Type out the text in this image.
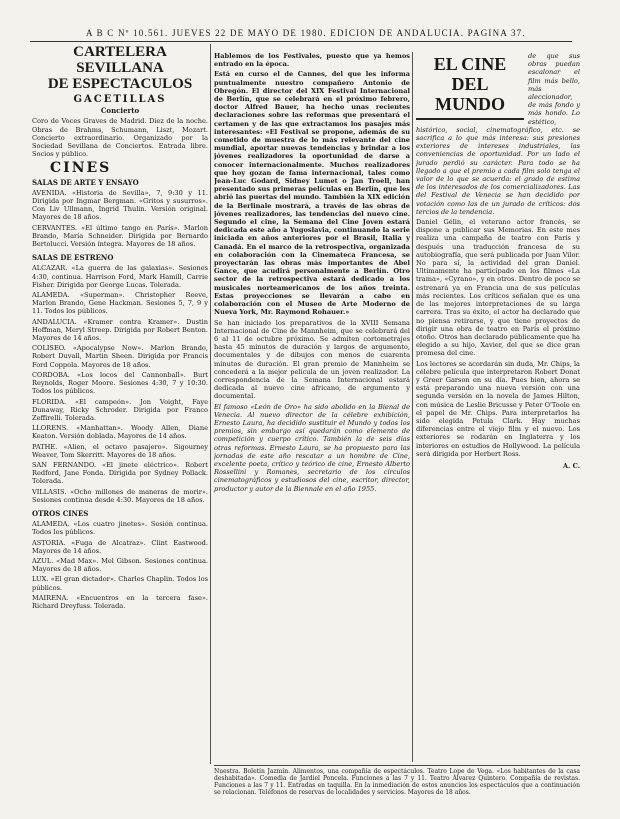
A B C Nº 10.561. JUEVES 22 DE MAYO DE 1980. EDICION DE ANDALUCIA. PAGINA 37.

CARTELERA SEVILLANA

DE ESPECTACULOS

GACETILLAS

Concierto

Coro de Voces Graves de Madrid. Diez de la noche. Obras de Brahms, Schumann, Liszt, Mozart. Concierto extraordinario. Organizado por la Sociedad Sevillana de Conciertos. Entrada libre. Socios y público.

CINES

SALAS DE ARTE Y ENSAYO

AVENIDA. «Historia de Sevilla», 7, 9:30 y 11. Dirigida por Ingmar Bergman. «Gritos y susurros». Con Liv Ullmann, Ingrid Thulin. Versión original. Mayores de 18 años.

CERVANTES. «El último tango en París». Marlon Brando, María Schneider. Dirigida por Bernardo Bertolucci. Versión íntegra. Mayores de 18 años.

SALAS DE ESTRENO

ALCAZAR. «La guerra de las galaxias». Sesiones 4:30, continua. Harrison Ford, Mark Hamill, Carrie Fisher. Dirigida por George Lucas. Tolerada.

ALAMEDA. «Superman». Christopher Reeve, Marlon Brando, Gene Hackman. Sesiones 5, 7, 9 y 11. Todos los públicos.

ANDALUCIA. «Kramer contra Kramer». Dustin Hoffman, Meryl Streep. Dirigida por Robert Benton. Mayores de 14 años.

COLISEO. «Apocalypse Now». Marlon Brando, Robert Duvall, Martin Sheen. Dirigida por Francis Ford Coppola. Mayores de 18 años.

CORDOBA. «Los locos del Cannonball». Burt Reynolds, Roger Moore. Sesiones 4:30, 7 y 10:30. Todos los públicos.

FLORIDA. «El campeón». Jon Voight, Faye Dunaway, Ricky Schroder. Dirigida por Franco Zeffirelli. Tolerada.

LLORENS. «Manhattan». Woody Allen, Diane Keaton. Versión doblada. Mayores de 14 años.

PATHE. «Alien, el octavo pasajero». Sigourney Weaver, Tom Skerritt. Mayores de 18 años.

SAN FERNANDO. «El jinete eléctrico». Robert Redford, Jane Fonda. Dirigida por Sydney Pollack. Tolerada.

VILLASIS. «Ocho millones de maneras de morir». Sesiones continua desde 4:30. Mayores de 18 años.

OTROS CINES

ALAMEDA. «Los cuatro jinetes». Sesión continua. Todos los públicos.

ASTORIA. «Fuga de Alcatraz». Clint Eastwood. Mayores de 14 años.

AZUL. «Mad Max». Mel Gibson. Sesiones continua. Mayores de 18 años.

LUX. «El gran dictador». Charles Chaplin. Todos los públicos.

MAIRENA. «Encuentros en la tercera fase». Richard Dreyfuss. Tolerada.

Hablemos de los Festivales, puesto que ya hemos entrado en la época.

Está en curso el de Cannes, del que les informa puntualmente nuestro compañero Antonio de Obregón. El director del XIX Festival Internacional de Berlín, que se celebrará en el próximo febrero, doctor Alfred Bauer, ha hecho unas recientes declaraciones sobre las reformas que presentará el certamen y de las que extractamos los pasajes más interesantes: «El Festival se propone, además de su cometido de muestra de lo más relevante del cine mundial, aportar nuevas tendencias y brindar a los jóvenes realizadores la oportunidad de darse a conocer internacionalmente. Muchos realizadores que hoy gozan de fama internacional, tales como Jean-Luc Godard, Sidney Lumet o Jan Troell, han presentado sus primeras películas en Berlín, que les abrió las puertas del mundo. También la XIX edición de la Berlinale mostrará, a través de las obras de jóvenes realizadores, las tendencias del nuevo cine. Segundo el cine, la Semana del Cine Joven estará dedicada este año a Yugoslavia, continuando la serie iniciada en años anteriores por el Brasil, Italia y Canadá. En el marco de la retrospectiva, organizada en colaboración con la Cinemateca Francesa, se proyectarán las obras más importantes de Abel Gance, que acudirá personalmente a Berlín. Otro sector de la retrospectiva estará dedicado a los musicales norteamericanos de los años treinta. Estas proyecciones se llevarán a cabo en colaboración con el Museo de Arte Moderno de Nueva York, Mr. Raymond Rohauer.»

Se han iniciado los preparativos de la XVIII Semana Internacional de Cine de Mannheim, que se celebrará del 6 al 11 de octubre próximo. Se admiten cortometrajes hasta 45 minutos de duración y largos de argumento, documentales y de dibujos con menos de cuarenta minutos de duración. El gran premio de Mannheim se concederá a la mejor película de un joven realizador. La correspondencia de la Semana Internacional estará dedicada al nuevo cine africano, de argumento y documental.

El famoso «León de Oro» ha sido abolido en la Bienal de Venecia. Al nuevo director de la célebre exhibición, Ernesto Laura, ha decidido sustituir el Mundo y todos los premios, sin embargo así quedarán como elemento de competición y cuerpo crítico. También la de seis días otras reformas. Ernesto Laura, se ha propuesto para las jornadas de este año rescatar a un hombre de Cine, excelente poeta, crítico y teórico de cine, Ernesto Alberto Rossellini y Romanes, secretario de los círculos cinematográficos y estudiosos del cine, escritor, director, productor y autor de la Biennale en el año 1955.

EL CINE
DEL MUNDO

de que sus obras puedan escalonar el film más bello, más aleccionador, de más fondo y más hondo. Lo estético, histórico, social, cinematográfico, etc. se sacrifica a lo que más interesa: sus presiones exteriores de intereses industriales, las conveniencias de oportunidad. Por un lado el jurado perdió su carácter. Para todo se ha llegado a que el premio a cada film solo tenga el valor de lo que se acuerda: el grado de estima de los interesados de los comercializadores. Las del Festival de Venecia se han decidido por votación como las de un jurado de críticos: dos tercios de la tendencia.

Daniel Gélin, el veterano actor francés, se dispone a publicar sus Memorias. En este mes realiza una campaña de teatro con Paris y después una traducción francesa de su autobiografía, que será publicada por Juan Vilor. No para sí, la actividad del gran Daniel. Ultimamente ha participado en los filmes «La trama», «Cyrano», y en otros. Dentro de poco se estrenará ya en Francia una de sus películas más recientes. Los críticos señalan que es una de las mejores interpretaciones de su larga carrera. Tras su éxito, el actor ha declarado que no piensa retirarse, y que tiene proyectos de dirigir una obra de teatro en París el próximo otoño. Otros han declarado públicamente que ha elegido a su hijo, Xavier, del que se dice gran promesa del cine.

Los lectores se acordarán sin duda, Mr. Chips, la célebre película que interpretaron Robert Donat y Greer Garson en su día. Pues bien, ahora se está preparando una nueva versión con una segunda versión en la novela de James Hilton, con música de Leslie Bricusse y Peter O'Toole en el papel de Mr. Chips. Para interpretarlos ha sido elegida Petula Clark. Hay muchas diferencias entre el viejo film y el nuevo. Los exteriores se rodarán en Inglaterra y los interiores en estudios de Hollywood. La película será dirigida por Herbert Ross.

A. C.

Nuestra. Boletín Jazmín. Alimentos, una compañía de espectáculos. Teatro Lope de Vega. «Los habitantes de la casa deshabitada». Comedia de Jardiel Poncela. Funciones a las 7 y 11. Teatro Álvarez Quintero. Compañía de revistas. Funciones a las 7 y 11. Entradas en taquilla. En la inmediación de estos anuncios los espectáculos que a continuación se relacionan. Teléfonos de reservas de localidades y servicios. Mayores de 18 años.
